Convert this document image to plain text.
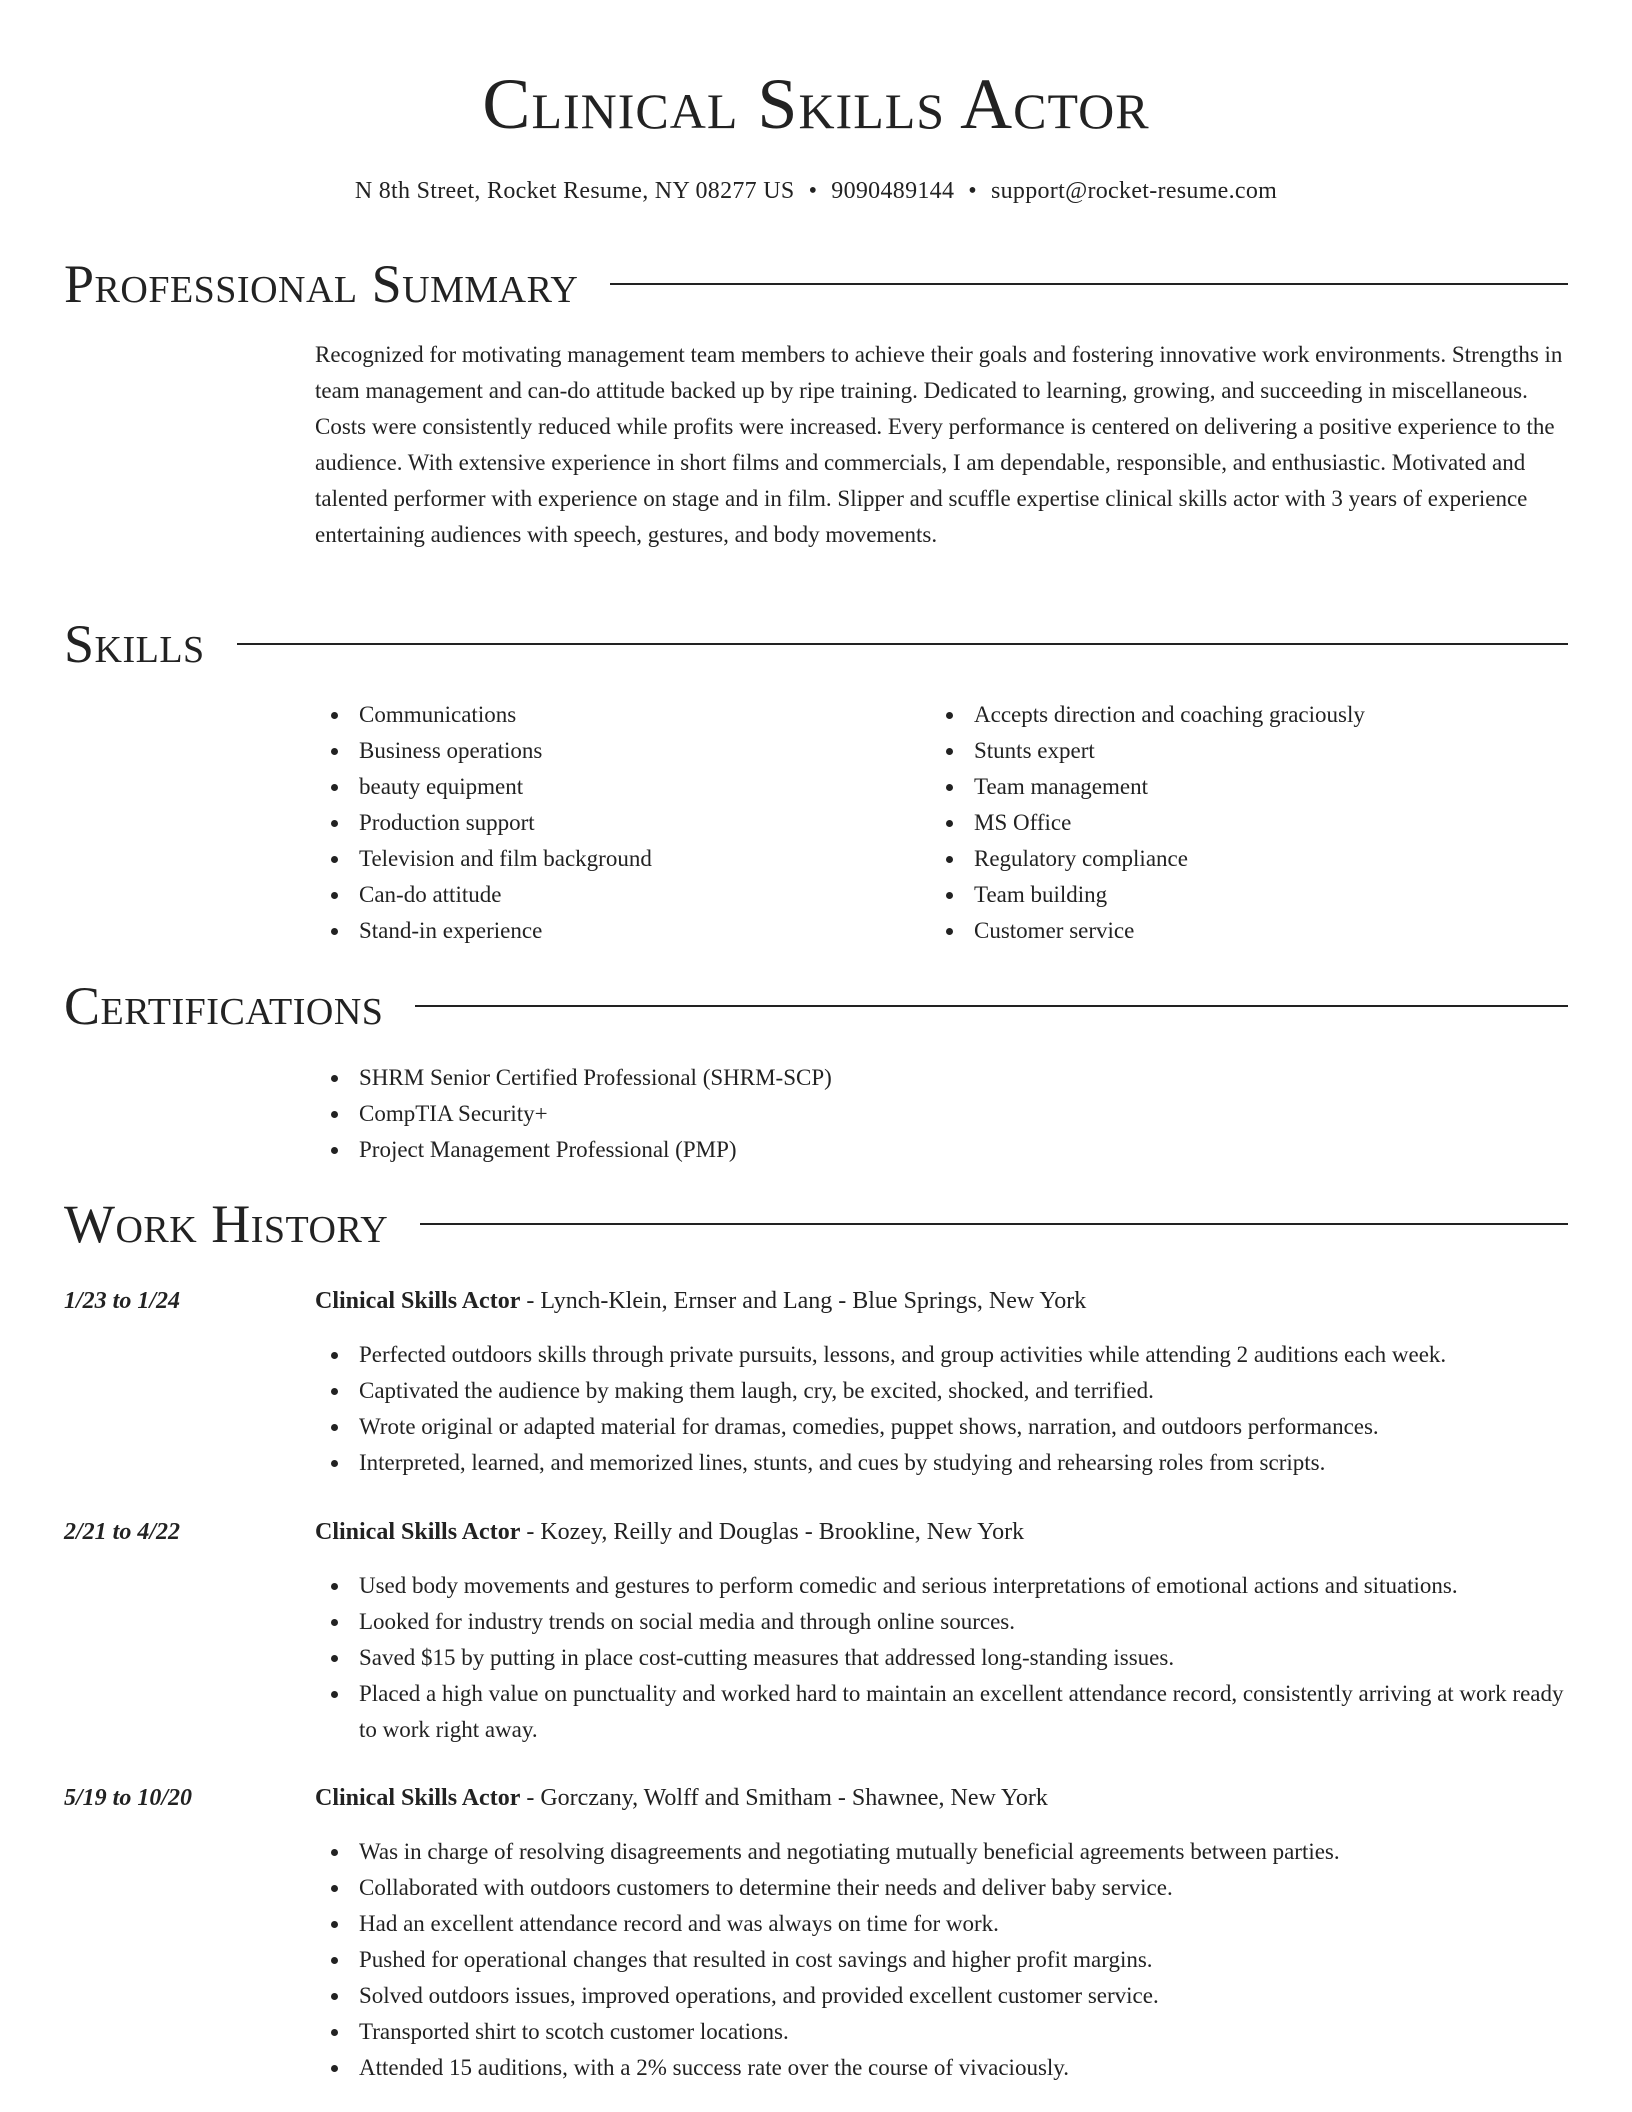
Clinical Skills Actor
N 8th Street, Rocket Resume, NY 08277 US • 9090489144 • support@rocket-resume.com
Professional Summary
Recognized for motivating management team members to achieve their goals and fostering innovative work environments. Strengths in team management and can-do attitude backed up by ripe training. Dedicated to learning, growing, and succeeding in miscellaneous. Costs were consistently reduced while profits were increased. Every performance is centered on delivering a positive experience to the audience. With extensive experience in short films and commercials, I am dependable, responsible, and enthusiastic. Motivated and talented performer with experience on stage and in film. Slipper and scuffle expertise clinical skills actor with 3 years of experience entertaining audiences with speech, gestures, and body movements.
Skills
Communications
Business operations
beauty equipment
Production support
Television and film background
Can-do attitude
Stand-in experience
Accepts direction and coaching graciously
Stunts expert
Team management
MS Office
Regulatory compliance
Team building
Customer service
Certifications
SHRM Senior Certified Professional (SHRM-SCP)
CompTIA Security+
Project Management Professional (PMP)
Work History
1/23 to 1/24	Clinical Skills Actor - Lynch-Klein, Ernser and Lang - Blue Springs, New York
Perfected outdoors skills through private pursuits, lessons, and group activities while attending 2 auditions each week.
Captivated the audience by making them laugh, cry, be excited, shocked, and terrified.
Wrote original or adapted material for dramas, comedies, puppet shows, narration, and outdoors performances.
Interpreted, learned, and memorized lines, stunts, and cues by studying and rehearsing roles from scripts.
2/21 to 4/22	Clinical Skills Actor - Kozey, Reilly and Douglas - Brookline, New York
Used body movements and gestures to perform comedic and serious interpretations of emotional actions and situations.
Looked for industry trends on social media and through online sources.
Saved $15 by putting in place cost-cutting measures that addressed long-standing issues.
Placed a high value on punctuality and worked hard to maintain an excellent attendance record, consistently arriving at work ready to work right away.
5/19 to 10/20	Clinical Skills Actor - Gorczany, Wolff and Smitham - Shawnee, New York
Was in charge of resolving disagreements and negotiating mutually beneficial agreements between parties.
Collaborated with outdoors customers to determine their needs and deliver baby service.
Had an excellent attendance record and was always on time for work.
Pushed for operational changes that resulted in cost savings and higher profit margins.
Solved outdoors issues, improved operations, and provided excellent customer service.
Transported shirt to scotch customer locations.
Attended 15 auditions, with a 2% success rate over the course of vivaciously.
